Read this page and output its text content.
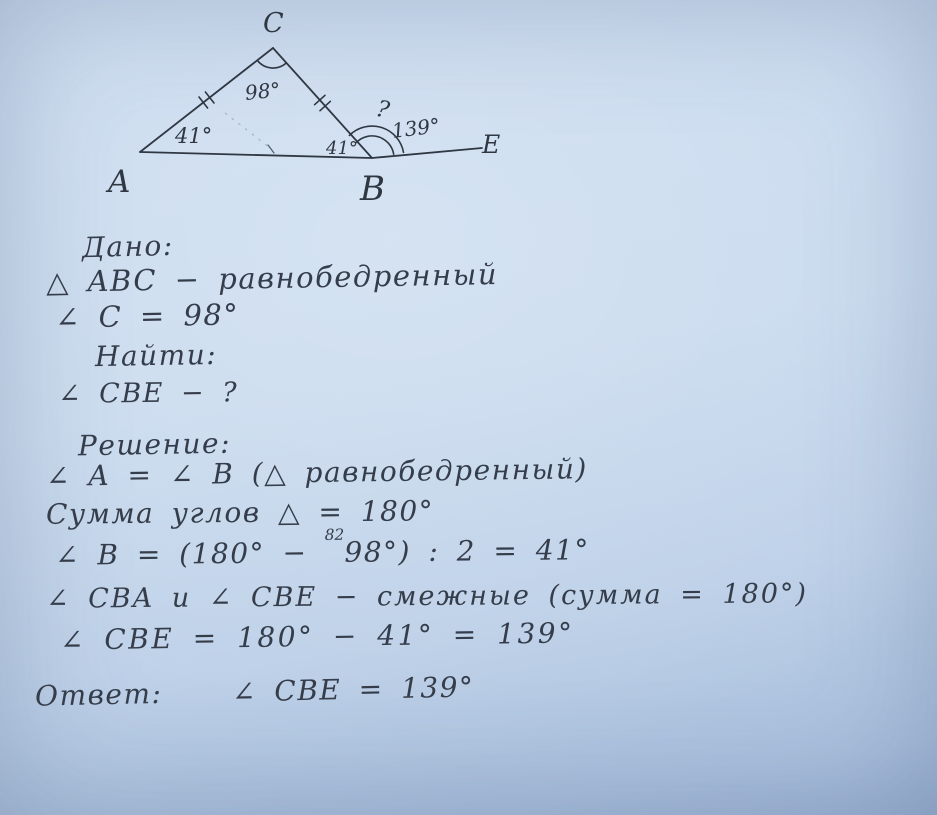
C
A	B
E
98°
41°
41°
139°
?
Дано:
△ ABC − равнобедренный
∠ C = 98°
Найти:
∠ CBE − ?
Решение:
∠ A = ∠ B (△ равнобедренный)
Сумма углов △ = 180°
∠ B = (180° − $^{82}$98°) : 2 = 41°
∠ CBA и ∠ CBE − смежные (сумма = 180°)
∠ CBE = 180° − 41° = 139°
Ответ: ∠ CBE = 139°
